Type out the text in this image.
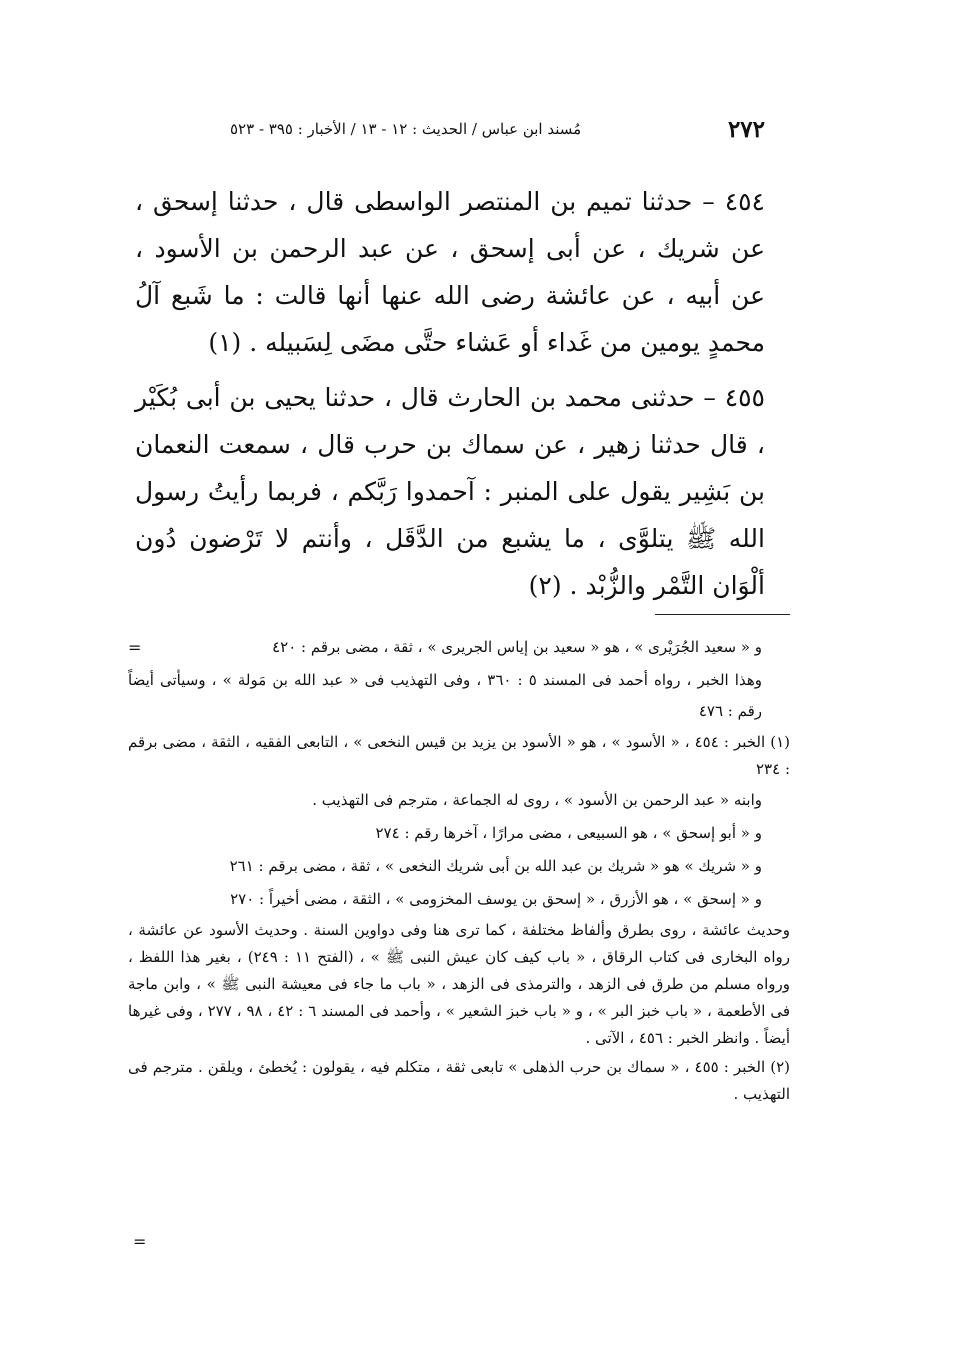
٢٧٢
مُسند ابن عباس / الحديث : ١٢ - ١٣ / الأخبار : ٣٩٥ - ٥٢٣

٤٥٤ – حدثنا تميم بن المنتصر الواسطى قال ، حدثنا إسحق ، عن شريك ، عن أبى إسحق ، عن عبد الرحمن بن الأسود ، عن أبيه ، عن عائشة رضى الله عنها أنها قالت : ما شَبع آلُ محمدٍ يومين من غَداء أو عَشاء حتَّى مضَى لِسَبيله . (١)

٤٥٥ – حدثنى محمد بن الحارث قال ، حدثنا يحيى بن أبى بُكَيْر ، قال حدثنا زهير ، عن سماك بن حرب قال ، سمعت النعمان بن بَشِير يقول على المنبر : آحمدوا رَبَّكم ، فربما رأيتُ رسول الله ﷺ يتلوَّى ، ما يشبع من الدَّقَل ، وأنتم لا تَرْضون دُون ألْوَان التَّمْر والزُّبْد . (٢)

=	و « سعيد الجُرَيْرى » ، هو « سعيد بن إياس الجريرى » ، ثقة ، مضى برقم : ٤٢٠

وهذا الخبر ، رواه أحمد فى المسند ٥ : ٣٦٠ ، وفى التهذيب فى « عبد الله بن مَولة » ، وسيأتى أيضاً رقم : ٤٧٦

(١) الخبر : ٤٥٤ ، « الأسود » ، هو « الأسود بن يزيد بن قيس النخعى » ، التابعى الفقيه ، الثقة ، مضى برقم : ٢٣٤

وابنه « عبد الرحمن بن الأسود » ، روى له الجماعة ، مترجم فى التهذيب .

و « أبو إسحق » ، هو السبيعى ، مضى مرارًا ، آخرها رقم : ٢٧٤

و « شريك » هو « شريك بن عبد الله بن أبى شريك النخعى » ، ثقة ، مضى برقم : ٢٦١

و « إسحق » ، هو الأزرق ، « إسحق بن يوسف المخزومى » ، الثقة ، مضى أخيراً : ٢٧٠

وحديث عائشة ، روى بطرق وألفاظ مختلفة ، كما ترى هنا وفى دواوين السنة . وحديث الأسود عن عائشة ، رواه البخارى فى كتاب الرقاق ، « باب كيف كان عيش النبى ﷺ » ، (الفتح ١١ : ٢٤٩) ، بغير هذا اللفظ ، ورواه مسلم من طرق فى الزهد ، والترمذى فى الزهد ، « باب ما جاء فى معيشة النبى ﷺ » ، وابن ماجة فى الأطعمة ، « باب خبز البر » ، و « باب خبز الشعير » ، وأحمد فى المسند ٦ : ٤٢ ، ٩٨ ، ٢٧٧ ، وفى غيرها أيضاً . وانظر الخبر : ٤٥٦ ، الآتى .

(٢) الخبر : ٤٥٥ ، « سماك بن حرب الذهلى » تابعى ثقة ، متكلم فيه ، يقولون : يُخطئ ، ويلقن . مترجم فى التهذيب .

=
